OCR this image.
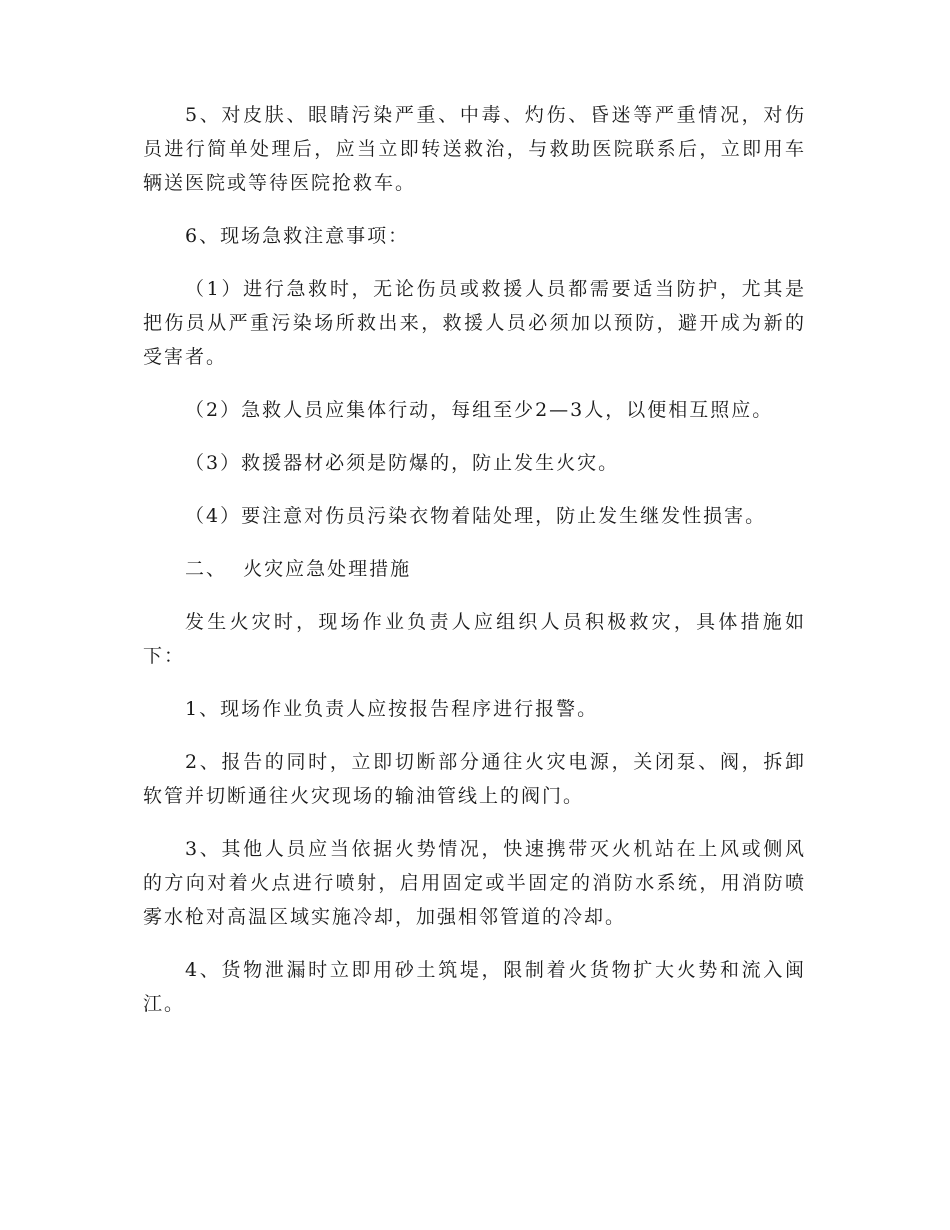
5、对皮肤、眼睛污染严重、中毒、灼伤、昏迷等严重情况，对伤员进行简单处理后，应当立即转送救治，与救助医院联系后，立即用车辆送医院或等待医院抢救车。

6、现场急救注意事项：

（1）进行急救时，无论伤员或救援人员都需要适当防护，尤其是把伤员从严重污染场所救出来，救援人员必须加以预防，避开成为新的受害者。

（2）急救人员应集体行动，每组至少2—3人，以便相互照应。

（3）救援器材必须是防爆的，防止发生火灾。

（4）要注意对伤员污染衣物着陆处理，防止发生继发性损害。

二、  火灾应急处理措施

发生火灾时，现场作业负责人应组织人员积极救灾，具体措施如下：

1、现场作业负责人应按报告程序进行报警。

2、报告的同时，立即切断部分通往火灾电源，关闭泵、阀，拆卸软管并切断通往火灾现场的输油管线上的阀门。

3、其他人员应当依据火势情况，快速携带灭火机站在上风或侧风的方向对着火点进行喷射，启用固定或半固定的消防水系统，用消防喷雾水枪对高温区域实施冷却，加强相邻管道的冷却。

4、货物泄漏时立即用砂土筑堤，限制着火货物扩大火势和流入闽江。
